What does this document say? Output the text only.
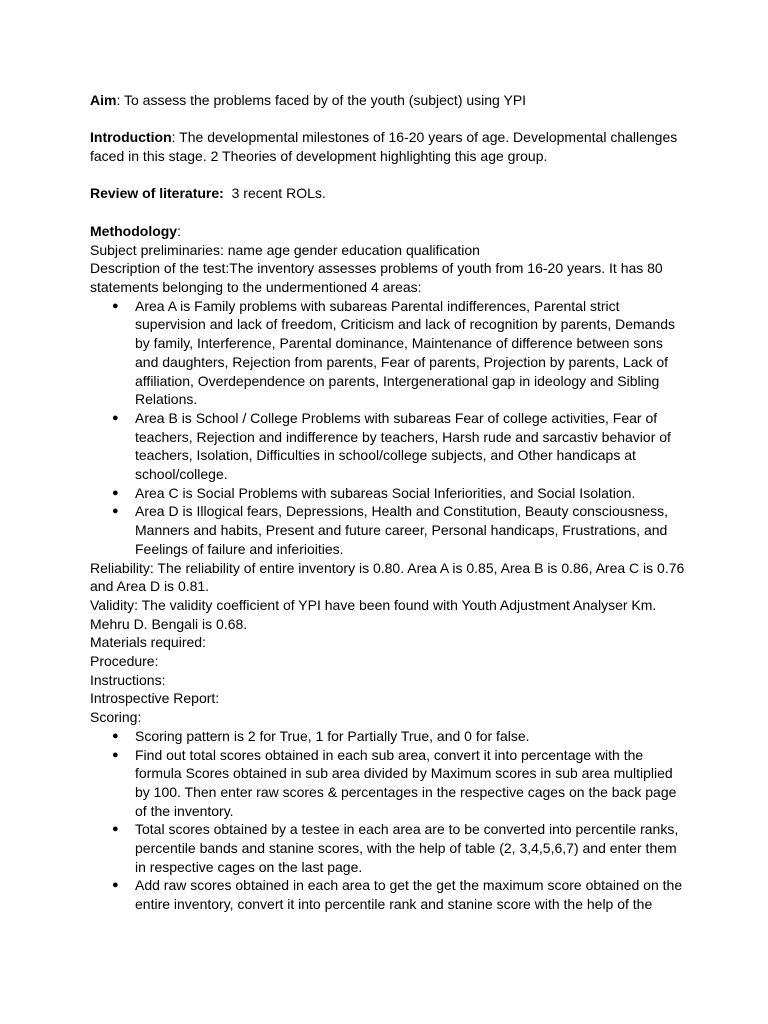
Aim: To assess the problems faced by of the youth (subject) using YPI

Introduction: The developmental milestones of 16-20 years of age. Developmental challenges faced in this stage. 2 Theories of development highlighting this age group.

Review of literature:  3 recent ROLs.

Methodology:

Subject preliminaries: name age gender education qualification

Description of the test:The inventory assesses problems of youth from 16-20 years. It has 80 statements belonging to the undermentioned 4 areas:

● Area A is Family problems with subareas Parental indifferences, Parental strict supervision and lack of freedom, Criticism and lack of recognition by parents, Demands by family, Interference, Parental dominance, Maintenance of difference between sons and daughters, Rejection from parents, Fear of parents, Projection by parents, Lack of affiliation, Overdependence on parents, Intergenerational gap in ideology and Sibling Relations.
● Area B is School / College Problems with subareas Fear of college activities, Fear of teachers, Rejection and indifference by teachers, Harsh rude and sarcastiv behavior of teachers, Isolation, Difficulties in school/college subjects, and Other handicaps at school/college.
● Area C is Social Problems with subareas Social Inferiorities, and Social Isolation.
● Area D is Illogical fears, Depressions, Health and Constitution, Beauty consciousness, Manners and habits, Present and future career, Personal handicaps, Frustrations, and Feelings of failure and inferioities.

Reliability: The reliability of entire inventory is 0.80. Area A is 0.85, Area B is 0.86, Area C is 0.76 and Area D is 0.81.

Validity: The validity coefficient of YPI have been found with Youth Adjustment Analyser Km. Mehru D. Bengali is 0.68.

Materials required:

Procedure:

Instructions:

Introspective Report:

Scoring:

● Scoring pattern is 2 for True, 1 for Partially True, and 0 for false.
● Find out total scores obtained in each sub area, convert it into percentage with the formula Scores obtained in sub area divided by Maximum scores in sub area multiplied by 100. Then enter raw scores & percentages in the respective cages on the back page of the inventory.
● Total scores obtained by a testee in each area are to be converted into percentile ranks, percentile bands and stanine scores, with the help of table (2, 3,4,5,6,7) and enter them in respective cages on the last page.
● Add raw scores obtained in each area to get the get the maximum score obtained on the entire inventory, convert it into percentile rank and stanine score with the help of the
